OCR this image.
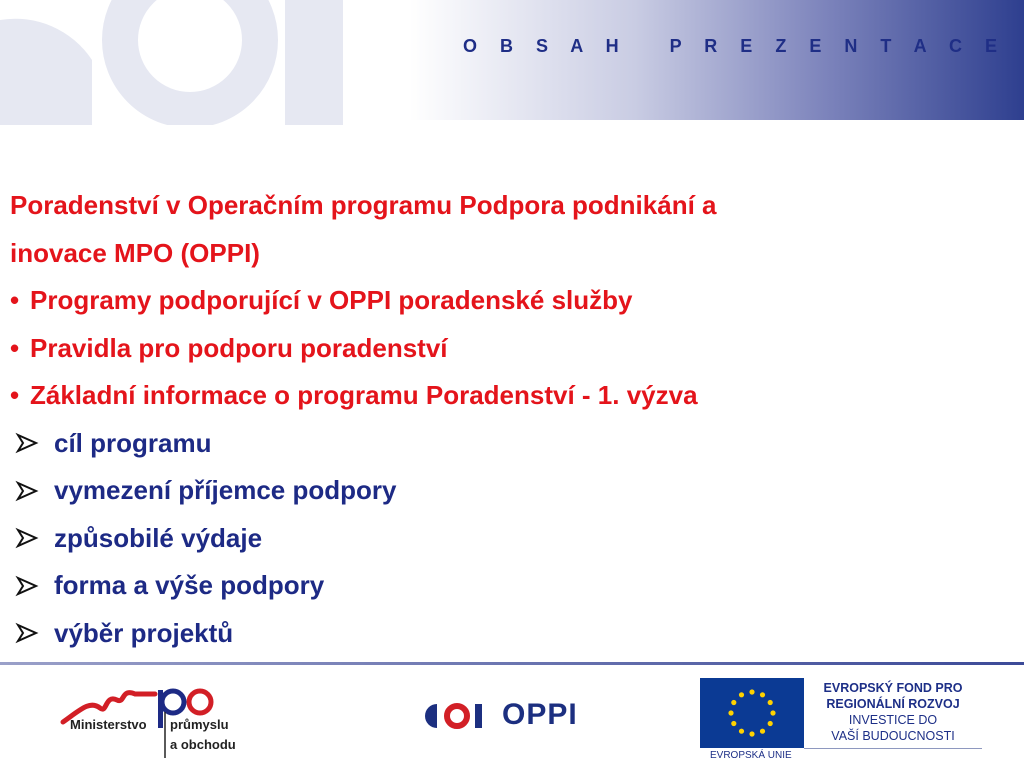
O B S A H   P R E Z E N T A C E
Poradenství v Operačním programu Podpora podnikání a
inovace MPO (OPPI)
• Programy podporující v OPPI poradenské služby
• Pravidla pro podporu poradenství
• Základní informace o programu Poradenství - 1. výzva
cíl programu
vymezení příjemce podpory
způsobilé výdaje
forma a výše podpory
výběr projektů
Ministerstvo průmyslu
a obchodu
OPPI
EVROPSKÝ FOND PRO
REGIONÁLNÍ ROZVOJ
INVESTICE DO
VAŠÍ BUDOUCNOSTI
EVROPSKÁ UNIE
